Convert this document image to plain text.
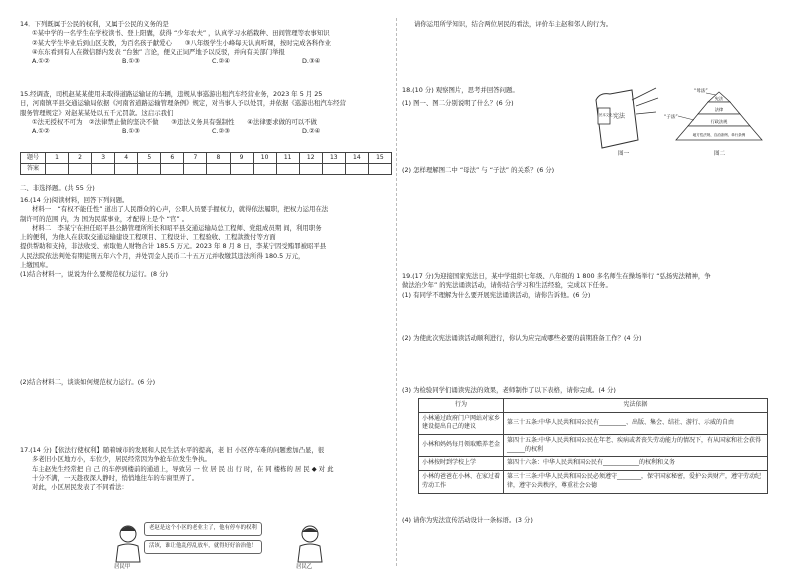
14．下列既属于公民的权利，又属于公民的义务的是
①某中学的一名学生在学校读书、登上阳囊，获得 “少年农夫” ，认真学习水稻栽种、田间管理等农事知识
②某大学生毕业后到山区支教，为百名孩子献爱心　　③八年级学生小峰每天认真听课，按时完成各科作业
④东东看到有人在微信群内发表 “台独” 言论，便义正词严地予以反驳，并向有关部门举报
A.①②	B.①③	C.②④	D.③④
15.经调查，司机赵某某使用未取得道路运输证的车辆，违规从事巡游出租汽车经营业务，2023 年 5 月 25
日，河南镇平县交通运输局依据《河南省道路运输管理条例》规定，对当事人予以处罚，并依据《巡游出租汽车经营
服务管理规定》对赵某某处以五千元罚款。这启示我们
①法无授权不可为　②法律禁止做的坚决不做　　③违法义务具有强制性　　④法律要求做的可以不做
A.①②	B.①③	C.②③	D.②④
题号	1	2	3	4	5	6	7	8	9	10	11	12	13	14	15
答案															
二、非选择题。(共 55 分)
16.(14 分)阅读材料，回答下列问题。
材料一　“有权不能任性” 道出了人民群众的心声，公职人员要手握权力，就得依法履职，把权力运用在法
制许可的范围 内，为 国为民谋事业，才配得上是个 “官” 。
材料二　李某宁在担任昭平县公路管理所所长和昭平县交通运输局总工程师、党组成员期 间，利用职务
上的便利，为他人在获取交通运输建设工程项目、工程设计、工程验收、工程款拨付等方面
提供帮助和支持，非法收受、索取他人财物合计 185.5 万元。2023 年 8 月 8 日，李某宁因受贿罪被昭平县
人民法院依法判处有期徒刑五年六个月，并处罚金人民币二十五万元并收缴其违法所得 180.5 万元，
上缴国库。
(1)结合材料一，说说为什么要规范权力运行。(8 分)
(2)结合材料二，谈谈如何规范权力运行。(6 分)
17.(14 分)【依法行使权利】随着城市的发展和人民生活水平的提高，老 旧 小区停车难的问题愈加凸显，很
多老旧小区地方小，车位少，居民经常因为争抢车位发生争执。
车主赵先生经常把 自 己 的车停到楼前的通道上，导致另 一 位 居 民 出 行 时，在 同 楼栋的 居 民 ◆ 对 此
十分不满，一天趁夜深人静时，悄悄地往车的车窗里弄了。
对此，小区居民发表了不同看法：
老赵是这个小区的老业主了，他有停车的权利
活该，谁让他乱停乱放车，就得好好治治他！
居民甲	居民乙
请你运用所学知识，结合两位居民的看法，评价车主赵和邻人的行为。
18.(10 分) 观察图片，思考并回答问题。
(1) 图一、图二分别说明了什么？(6 分)
宪法
民本文化
图一
宪法
法律
行政法规
地方性法规、自治条例、单行条例
“母法”
“子法”
图二
(2) 怎样理解图二中 “母法” 与 “子法” 的关系？(6 分)
19.(17 分)为迎接国家宪法日，某中学组织七年级、八年级的 1 800 多名师生在操场举行 “弘扬宪法精神，争
做法治少年” 的宪法诵读活动，请你结合学习和生活经验，完成以下任务。
(1) 有同学不理解为什么要开展宪法诵读活动，请你告诉他。(6 分)
(2) 为使此次宪法诵读活动顺利进行，你认为应完成哪些必要的前期准备工作？(4 分)
(3) 为检验同学们诵读宪法的效果，老师制作了以下表格，请你完成。(4 分)
行为	宪法依据
小林通过政府门户网站对家乡建设提出自己的建议	第三十五条:中华人民共和国公民有_________、出版、集会、结社、游行、示威的自由
小林和妈妈每月领取赡养老金	第四十五条:中华人民共和国公民在年老、疾病或者丧失劳动能力的情况下，有从国家和社会获得______的权利
小林按时到学校上学	第四十六条：中华人民共和国公民有____________的权利和义务
小林的爸爸在小林、在家过着劳动工作	第三十三条:中华人民共和国公民必须遵守________，保守国家秘密，爱护公共财产，遵守劳动纪律，遵守公共秩序，尊重社会公德
(4) 请你为宪法宣传活动设计一条标语。(3 分)
